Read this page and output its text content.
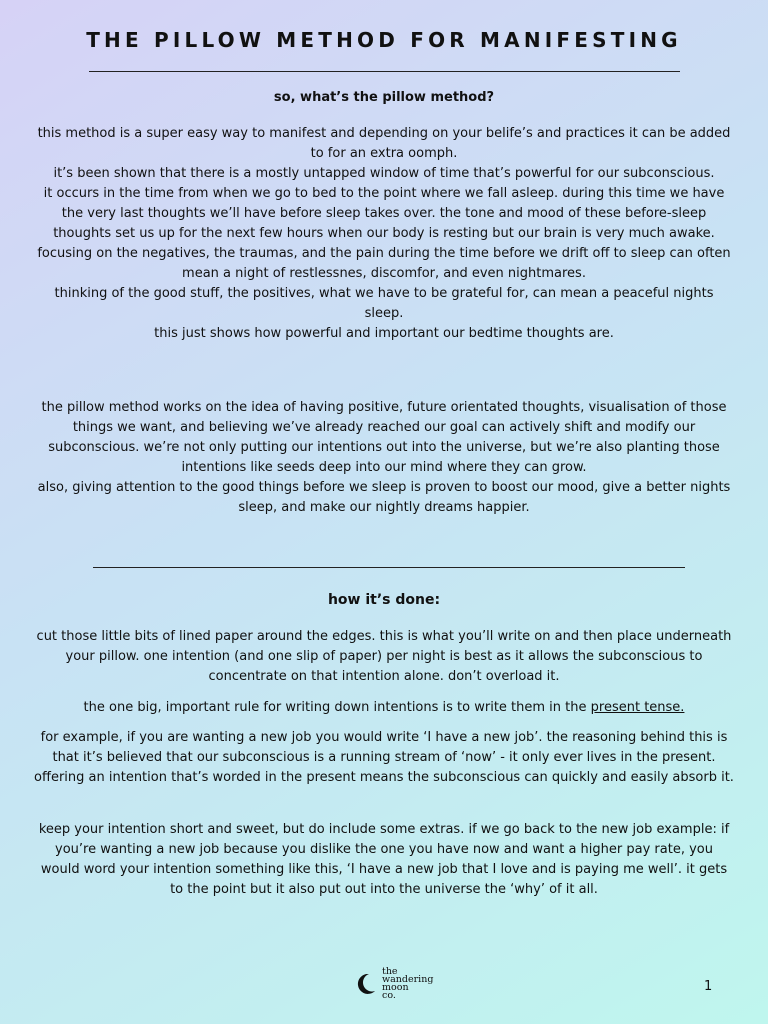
THE PILLOW METHOD FOR MANIFESTING
so, what’s the pillow method?

this method is a super easy way to manifest and depending on your belife’s and practices it can be added to for an extra oomph.

it’s been shown that there is a mostly untapped window of time that’s powerful for our subconscious.

it occurs in the time from when we go to bed to the point where we fall asleep. during this time we have the very last thoughts we’ll have before sleep takes over. the tone and mood of these before-sleep thoughts set us up for the next few hours when our body is resting but our brain is very much awake.

focusing on the negatives, the traumas, and the pain during the time before we drift off to sleep can often mean a night of restlessnes, discomfor, and even nightmares.

thinking of the good stuff, the positives, what we have to be grateful for, can mean a peaceful nights sleep.

this just shows how powerful and important our bedtime thoughts are.

the pillow method works on the idea of having positive, future orientated thoughts, visualisation of those things we want, and believing we’ve already reached our goal can actively shift and modify our subconscious. we’re not only putting our intentions out into the universe, but we’re also planting those intentions like seeds deep into our mind where they can grow.

also, giving attention to the good things before we sleep is proven to boost our mood, give a better nights sleep, and make our nightly dreams happier.

how it’s done:

cut those little bits of lined paper around the edges. this is what you’ll write on and then place underneath your pillow. one intention (and one slip of paper) per night is best as it allows the subconscious to concentrate on that intention alone. don’t overload it.

the one big, important rule for writing down intentions is to write them in the present tense.

for example, if you are wanting a new job you would write ‘I have a new job’. the reasoning behind this is that it’s believed that our subconscious is a running stream of ‘now’ - it only ever lives in the present. offering an intention that’s worded in the present means the subconscious can quickly and easily absorb it.

keep your intention short and sweet, but do include some extras. if we go back to the new job example: if you’re wanting a new job because you dislike the one you have now and want a higher pay rate, you would word your intention something like this, ‘I have a new job that I love and is paying me well’. it gets to the point but it also put out into the universe the ‘why’ of it all.

the
wandering
moon
co.
1
